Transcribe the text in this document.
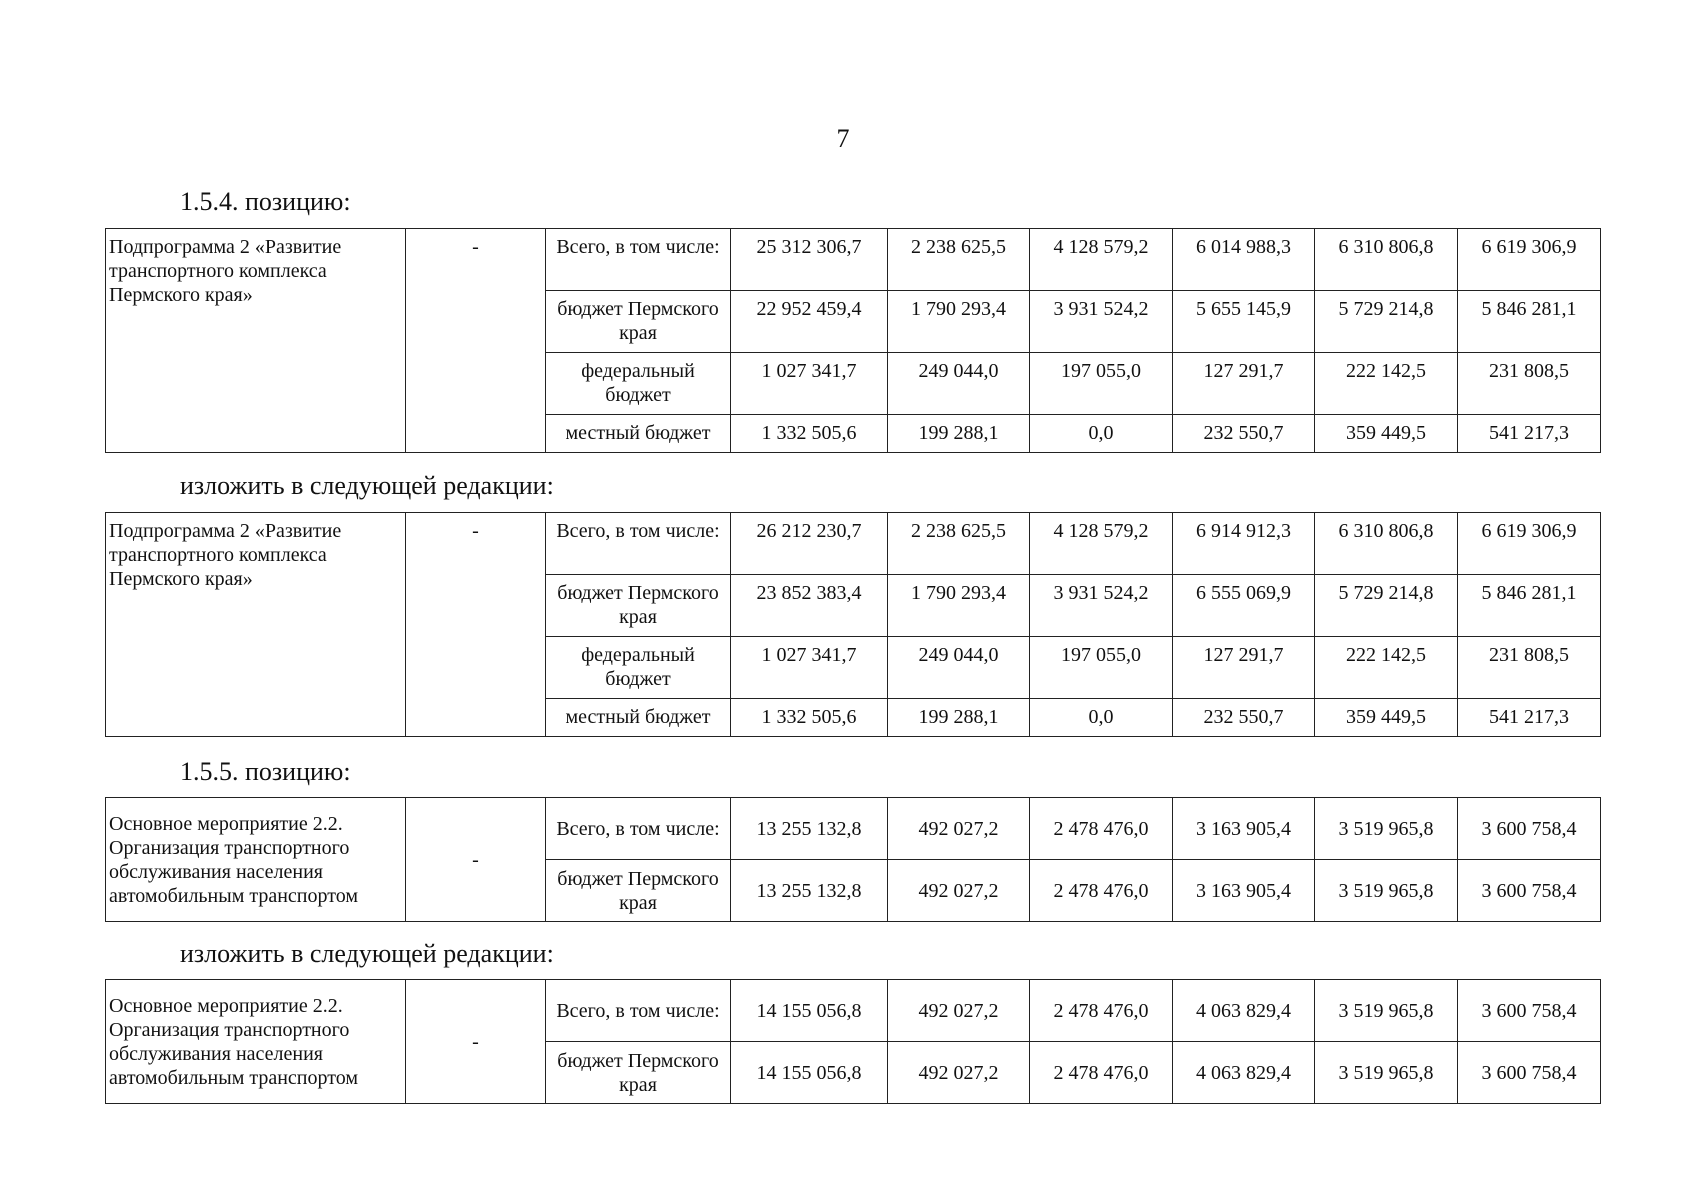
7
1.5.4. позицию:
Подпрограмма 2 «Развитие транспортного комплекса Пермского края»	-	Всего, в том числе:	25 312 306,7	2 238 625,5	4 128 579,2	6 014 988,3	6 310 806,8	6 619 306,9
		бюджет Пермского края	22 952 459,4	1 790 293,4	3 931 524,2	5 655 145,9	5 729 214,8	5 846 281,1
		федеральный бюджет	1 027 341,7	249 044,0	197 055,0	127 291,7	222 142,5	231 808,5
		местный бюджет	1 332 505,6	199 288,1	0,0	232 550,7	359 449,5	541 217,3
изложить в следующей редакции:
Подпрограмма 2 «Развитие транспортного комплекса Пермского края»	-	Всего, в том числе:	26 212 230,7	2 238 625,5	4 128 579,2	6 914 912,3	6 310 806,8	6 619 306,9
		бюджет Пермского края	23 852 383,4	1 790 293,4	3 931 524,2	6 555 069,9	5 729 214,8	5 846 281,1
		федеральный бюджет	1 027 341,7	249 044,0	197 055,0	127 291,7	222 142,5	231 808,5
		местный бюджет	1 332 505,6	199 288,1	0,0	232 550,7	359 449,5	541 217,3
1.5.5. позицию:
Основное мероприятие 2.2. Организация транспортного обслуживания населения автомобильным транспортом	-	Всего, в том числе:	13 255 132,8	492 027,2	2 478 476,0	3 163 905,4	3 519 965,8	3 600 758,4
		бюджет Пермского края	13 255 132,8	492 027,2	2 478 476,0	3 163 905,4	3 519 965,8	3 600 758,4
изложить в следующей редакции:
Основное мероприятие 2.2. Организация транспортного обслуживания населения автомобильным транспортом	-	Всего, в том числе:	14 155 056,8	492 027,2	2 478 476,0	4 063 829,4	3 519 965,8	3 600 758,4
		бюджет Пермского края	14 155 056,8	492 027,2	2 478 476,0	4 063 829,4	3 519 965,8	3 600 758,4
